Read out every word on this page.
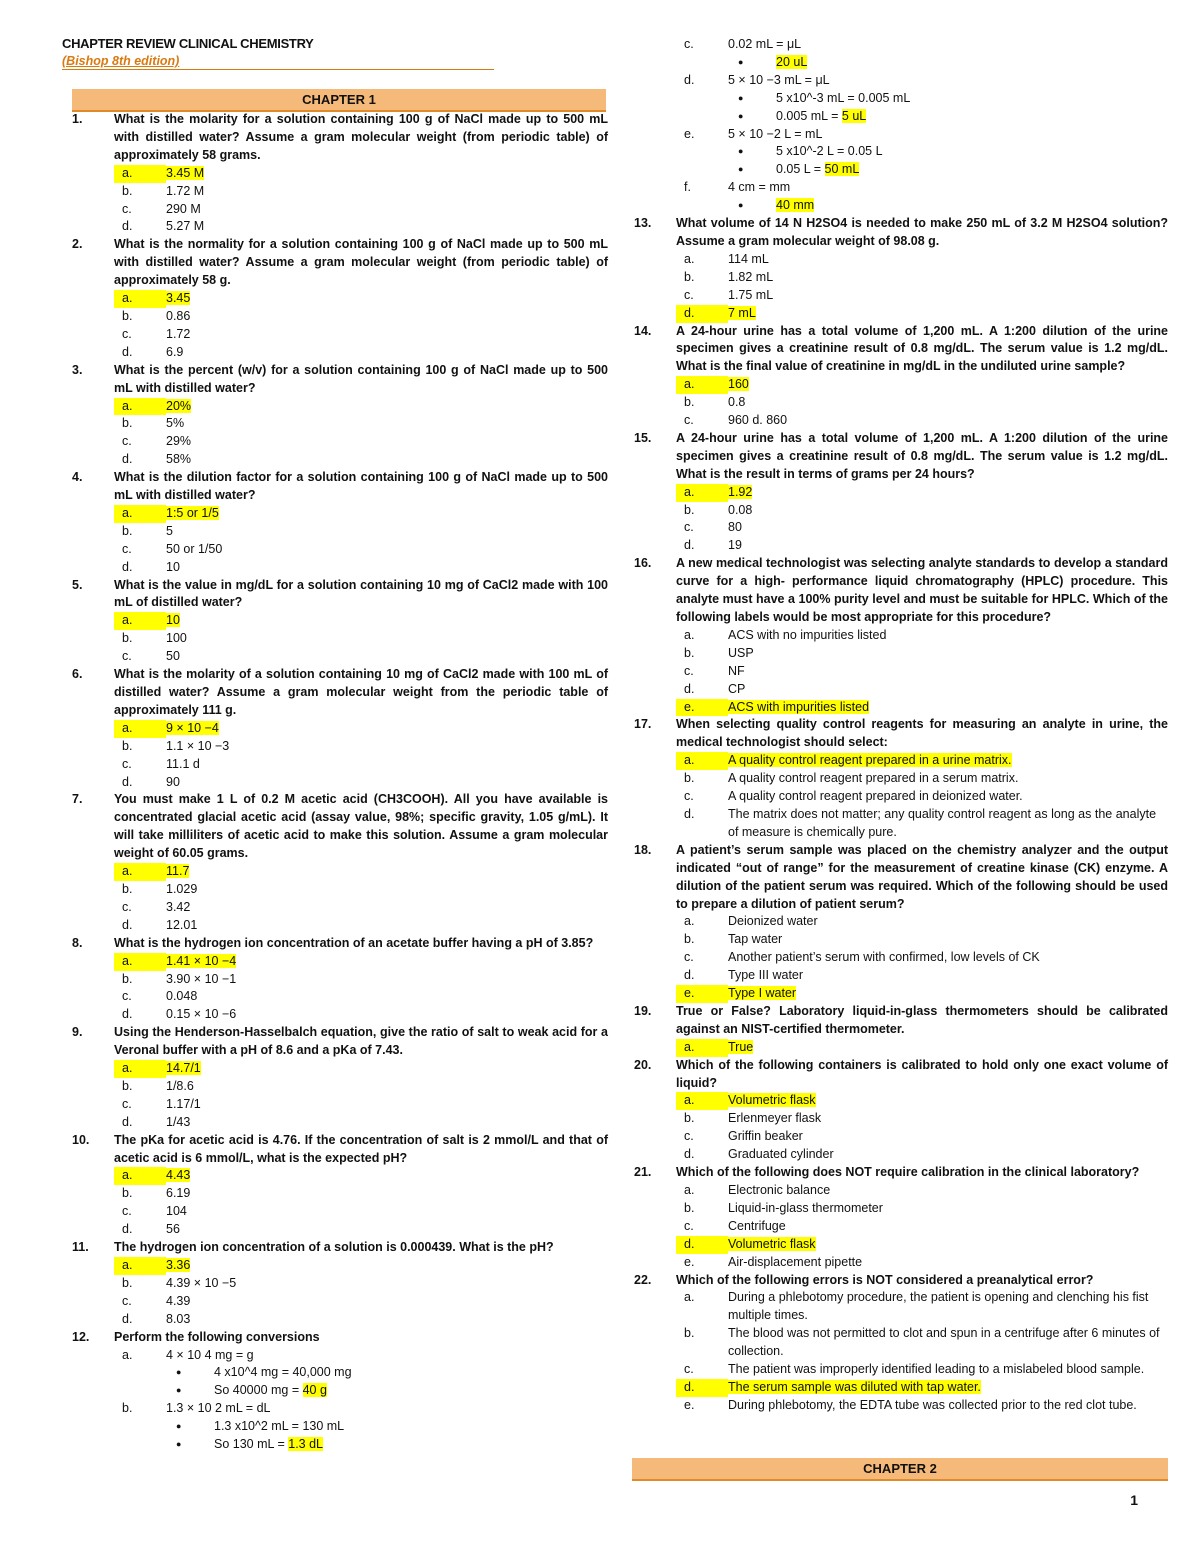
CHAPTER REVIEW CLINICAL CHEMISTRY
(Bishop 8th edition)
CHAPTER 1
1.	What is the molarity for a solution containing 100 g of NaCl made up to 500 mL with distilled water? Assume a gram molecular weight (from periodic table) of approximately 58 grams.
a.	3.45 M
b.	1.72 M
c.	290 M
d.	5.27 M
2.	What is the normality for a solution containing 100 g of NaCl made up to 500 mL with distilled water? Assume a gram molecular weight (from periodic table) of approximately 58 g.
a.	3.45
b.	0.86
c.	1.72
d.	6.9
3.	What is the percent (w/v) for a solution containing 100 g of NaCl made up to 500 mL with distilled water?
a.	20%
b.	5%
c.	29%
d.	58%
4.	What is the dilution factor for a solution containing 100 g of NaCl made up to 500 mL with distilled water?
a.	1:5 or 1/5
b.	5
c.	50 or 1/50
d.	10
5.	What is the value in mg/dL for a solution containing 10 mg of CaCl2 made with 100 mL of distilled water?
a.	10
b.	100
c.	50
6.	What is the molarity of a solution containing 10 mg of CaCl2 made with 100 mL of distilled water? Assume a gram molecular weight from the periodic table of approximately 111 g.
a.	9 × 10 −4
b.	1.1 × 10 −3
c.	11.1 d
d.	90
7.	You must make 1 L of 0.2 M acetic acid (CH3COOH). All you have available is concentrated glacial acetic acid (assay value, 98%; specific gravity, 1.05 g/mL). It will take milliliters of acetic acid to make this solution. Assume a gram molecular weight of 60.05 grams.
a.	11.7
b.	1.029
c.	3.42
d.	12.01
8.	What is the hydrogen ion concentration of an acetate buffer having a pH of 3.85?
a.	1.41 × 10 −4
b.	3.90 × 10 −1
c.	0.048
d.	0.15 × 10 −6
9.	Using the Henderson-Hasselbalch equation, give the ratio of salt to weak acid for a Veronal buffer with a pH of 8.6 and a pKa of 7.43.
a.	14.7/1
b.	1/8.6
c.	1.17/1
d.	1/43
10.	The pKa for acetic acid is 4.76. If the concentration of salt is 2 mmol/L and that of acetic acid is 6 mmol/L, what is the expected pH?
a.	4.43
b.	6.19
c.	104
d.	56
11.	The hydrogen ion concentration of a solution is 0.000439. What is the pH?
a.	3.36
b.	4.39 × 10 −5
c.	4.39
d.	8.03
12.	Perform the following conversions
a.	4 × 10 4 mg = g
●	4 x10^4 mg = 40,000 mg
●	So 40000 mg = 40 g
b.	1.3 × 10 2 mL = dL
●	1.3 x10^2 mL = 130 mL
●	So 130 mL = 1.3 dL
c.	0.02 mL = μL
●	20 uL
d.	5 × 10 −3 mL = μL
●	5 x10^-3 mL = 0.005 mL
●	0.005 mL = 5 uL
e.	5 × 10 −2 L = mL
●	5 x10^-2 L = 0.05 L
●	0.05 L = 50 mL
f.	4 cm = mm
●	40 mm
13.	What volume of 14 N H2SO4 is needed to make 250 mL of 3.2 M H2SO4 solution? Assume a gram molecular weight of 98.08 g.
a.	114 mL
b.	1.82 mL
c.	1.75 mL
d.	7 mL
14.	A 24-hour urine has a total volume of 1,200 mL. A 1:200 dilution of the urine specimen gives a creatinine result of 0.8 mg/dL. The serum value is 1.2 mg/dL. What is the final value of creatinine in mg/dL in the undiluted urine sample?
a.	160
b.	0.8
c.	960 d. 860
15.	A 24-hour urine has a total volume of 1,200 mL. A 1:200 dilution of the urine specimen gives a creatinine result of 0.8 mg/dL. The serum value is 1.2 mg/dL. What is the result in terms of grams per 24 hours?
a.	1.92
b.	0.08
c.	80
d.	19
16.	A new medical technologist was selecting analyte standards to develop a standard curve for a high- performance liquid chromatography (HPLC) procedure. This analyte must have a 100% purity level and must be suitable for HPLC. Which of the following labels would be most appropriate for this procedure?
a.	ACS with no impurities listed
b.	USP
c.	NF
d.	CP
e.	ACS with impurities listed
17.	When selecting quality control reagents for measuring an analyte in urine, the medical technologist should select:
a.	A quality control reagent prepared in a urine matrix.
b.	A quality control reagent prepared in a serum matrix.
c.	A quality control reagent prepared in deionized water.
d.	The matrix does not matter; any quality control reagent as long as the analyte of measure is chemically pure.
18.	A patient’s serum sample was placed on the chemistry analyzer and the output indicated “out of range” for the measurement of creatine kinase (CK) enzyme. A dilution of the patient serum was required. Which of the following should be used to prepare a dilution of patient serum?
a.	Deionized water
b.	Tap water
c.	Another patient’s serum with confirmed, low levels of CK
d.	Type III water
e.	Type I water
19.	True or False? Laboratory liquid-in-glass thermometers should be calibrated against an NIST-certified thermometer.
a.	True
20.	Which of the following containers is calibrated to hold only one exact volume of liquid?
a.	Volumetric flask
b.	Erlenmeyer flask
c.	Griffin beaker
d.	Graduated cylinder
21.	Which of the following does NOT require calibration in the clinical laboratory?
a.	Electronic balance
b.	Liquid-in-glass thermometer
c.	Centrifuge
d.	Volumetric flask
e.	Air-displacement pipette
22.	Which of the following errors is NOT considered a preanalytical error?
a.	During a phlebotomy procedure, the patient is opening and clenching his fist multiple times.
b.	The blood was not permitted to clot and spun in a centrifuge after 6 minutes of collection.
c.	The patient was improperly identified leading to a mislabeled blood sample.
d.	The serum sample was diluted with tap water.
e.	During phlebotomy, the EDTA tube was collected prior to the red clot tube.
CHAPTER 2
1
